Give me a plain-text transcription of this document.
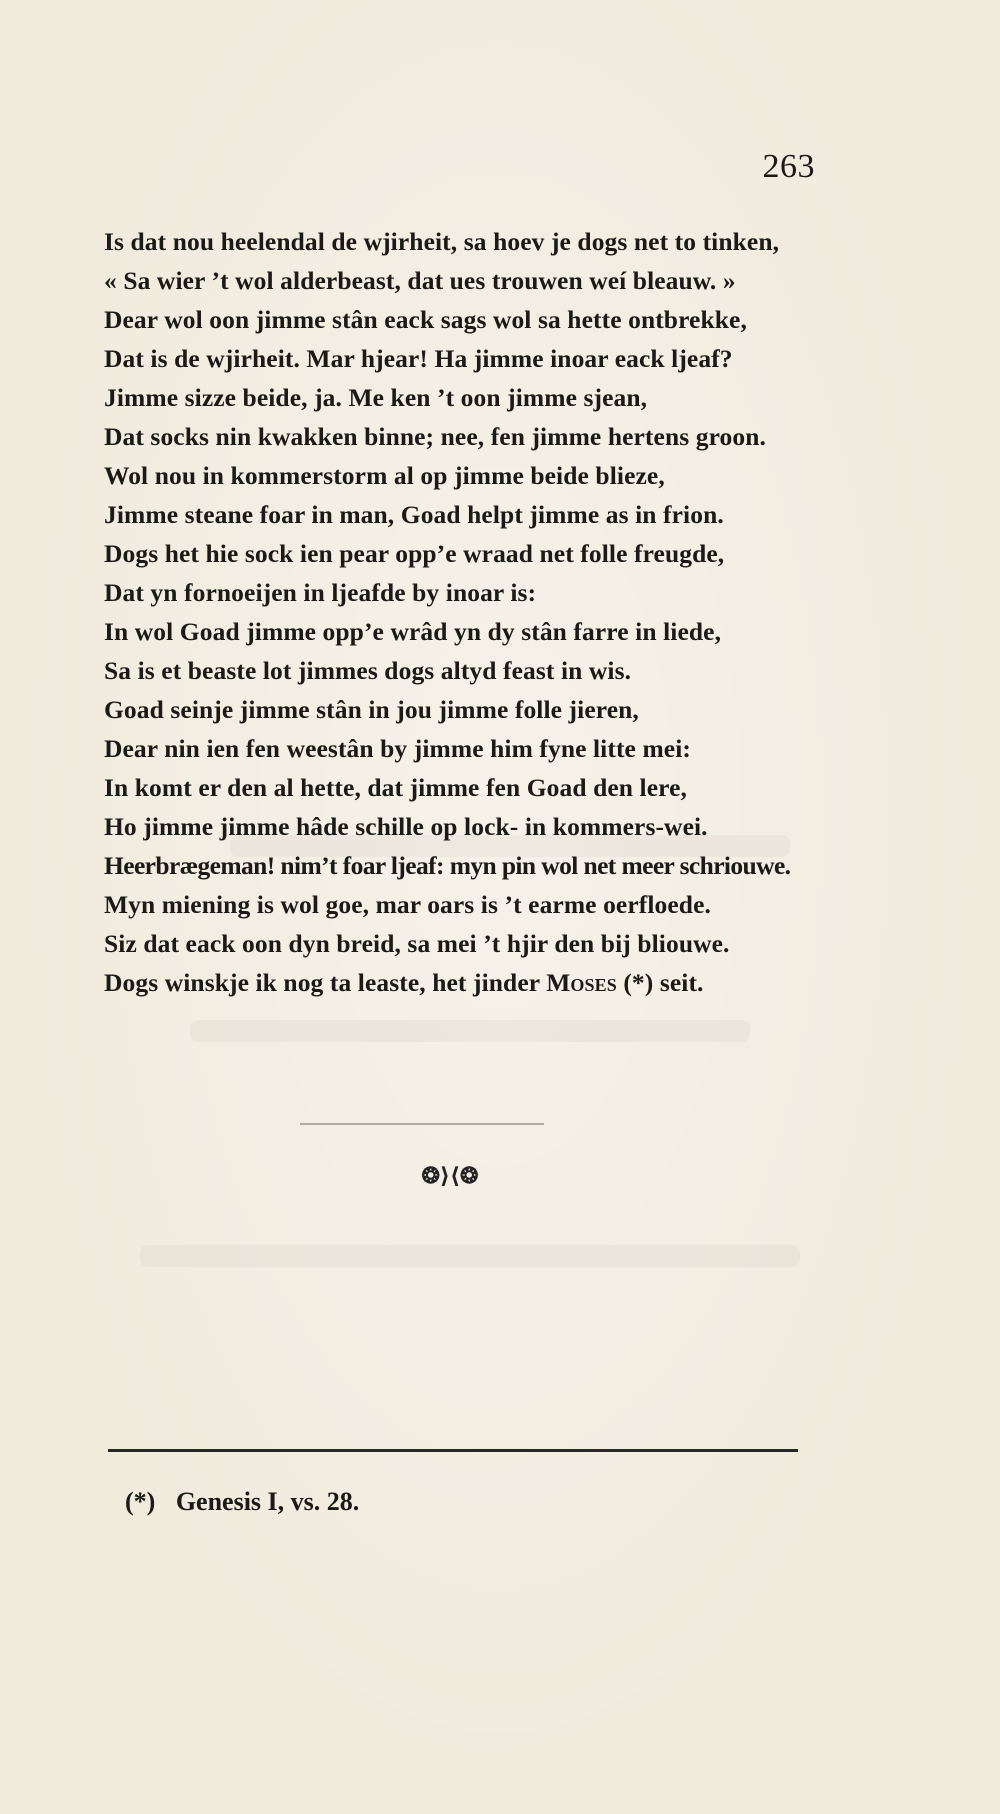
263
Is dat nou heelendal de wjirheit, sa hoev je dogs net to tinken,
« Sa wier ’t wol alderbeast, dat ues trouwen weí bleauw. »
Dear wol oon jimme stân eack sags wol sa hette ontbrekke,
Dat is de wjirheit. Mar hjear! Ha jimme inoar eack ljeaf?
Jimme sizze beide, ja. Me ken ’t oon jimme sjean,
Dat socks nin kwakken binne; nee, fen jimme hertens groon.
Wol nou in kommerstorm al op jimme beide blieze,
Jimme steane foar in man, Goad helpt jimme as in frion.
Dogs het hie sock ien pear opp’e wraad net folle freugde,
Dat yn fornoeijen in ljeafde by inoar is:
In wol Goad jimme opp’e wrâd yn dy stân farre in liede,
Sa is et beaste lot jimmes dogs altyd feast in wis.
Goad seinje jimme stân in jou jimme folle jieren,
Dear nin ien fen weestân by jimme him fyne litte mei:
In komt er den al hette, dat jimme fen Goad den lere,
Ho jimme jimme hâde schille op lock- in kommers-wei.
Heerbrægeman! nim’t foar ljeaf: myn pin wol net meer schriouwe.
Myn miening is wol goe, mar oars is ’t earme oerfloede.
Siz dat eack oon dyn breid, sa mei ’t hjir den bij bliouwe.
Dogs winskje ik nog ta leaste, het jinder Moses (*) seit.
❂⟩⟨❂
(*) Genesis I, vs. 28.
